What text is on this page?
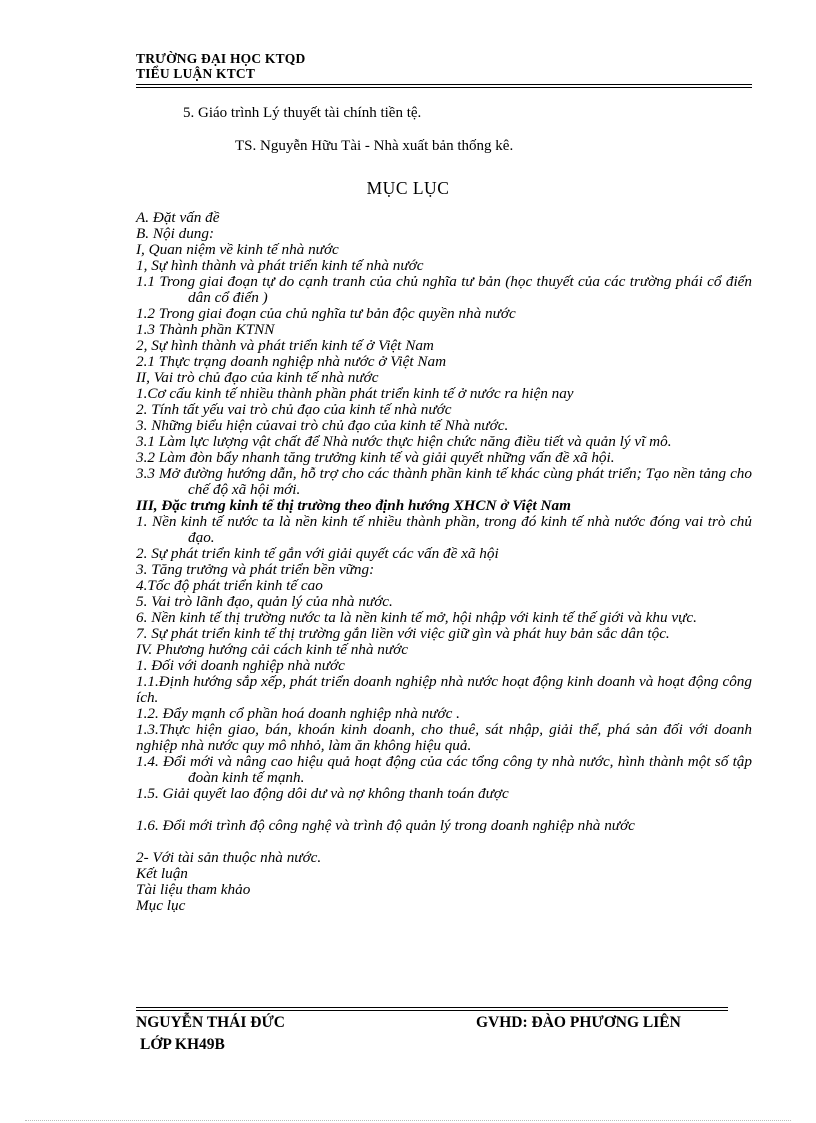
TRƯỜNG ĐẠI HỌC KTQD
TIỂU LUẬN KTCT
5. Giáo trình Lý thuyết tài chính tiền tệ.
TS. Nguyễn Hữu Tài - Nhà xuất bản thống kê.
MỤC LỤC
A. Đặt vấn đề
B. Nội dung:
I, Quan niệm về kinh tế nhà nước
1, Sự hình thành và phát triển kinh tế nhà nước
1.1 Trong giai đoạn tự do cạnh tranh của chủ nghĩa tư bản (học thuyết của các trường phái cổ điển dân cổ điển )
1.2 Trong giai đoạn của chủ nghĩa tư bản độc quyền nhà nước
1.3 Thành phần KTNN
2, Sự hình thành và phát triển kinh tế ở Việt Nam
2.1 Thực trạng doanh nghiệp nhà nước ở Việt Nam
II, Vai trò chủ đạo của kinh tế nhà nước
1.Cơ cấu kinh tế nhiều thành phần phát triển kinh tế ở nước ra hiện nay
2. Tính tất yếu vai trò chủ đạo của kinh tế nhà nước
3. Những biểu hiện củavai trò chủ đạo của kinh tế Nhà nước.
3.1 Làm lực lượng vật chất để Nhà nước thực hiện chức năng điều tiết và quản lý vĩ mô.
3.2 Làm đòn bẩy nhanh tăng trưởng kinh tế và giải quyết những vấn đề xã hội.
3.3 Mở đường hướng dẫn, hỗ trợ cho các thành phần kinh tế khác cùng phát triển; Tạo nền tảng cho chế độ xã hội mới.
III, Đặc trưng kinh tế thị trường theo định hướng XHCN ở Việt Nam
1. Nền kinh tế nước ta là nền kinh tế nhiều thành phần, trong đó kinh tế nhà nước đóng vai trò chủ đạo.
2. Sự phát triển kinh tế gắn với giải quyết các vấn đề xã hội
3. Tăng trưởng và phát triển bền vững:
4.Tốc độ phát triển kinh tế cao
5. Vai trò lãnh đạo, quản lý của nhà nước.
6. Nền kinh tế thị trường nước ta là nền kinh tế mở, hội nhập với kinh tế thế giới và khu vực.
7. Sự phát triển kinh tế thị trường gắn liền với việc giữ gìn và phát huy bản sắc dân tộc.
IV. Phương hướng cải cách kinh tế nhà nước
1. Đối với doanh nghiệp nhà nước
1.1.Định hướng sắp xếp, phát triển doanh nghiệp nhà nước hoạt động kinh doanh và hoạt động công ích.
1.2. Đẩy mạnh cổ phần hoá doanh nghiệp nhà nước .
1.3.Thực hiện giao, bán, khoán kinh doanh, cho thuê, sát nhập, giải thể, phá sản đối với doanh nghiệp nhà nước quy mô nhhỏ, làm ăn không hiệu quả.
1.4. Đổi mới và nâng cao hiệu quả hoạt động của các tổng công ty nhà nước, hình thành một số tập đoàn kinh tế mạnh.
1.5. Giải quyết lao động dôi dư và nợ không thanh toán được
1.6. Đổi mới trình độ công nghệ và trình độ quản lý trong doanh nghiệp nhà nước
2- Với tài sản thuộc nhà nước.
Kết luận
Tài liệu tham khảo
Mục lục
NGUYỄN THÁI ĐỨC
LỚP KH49B
GVHD: ĐÀO PHƯƠNG LIÊN
